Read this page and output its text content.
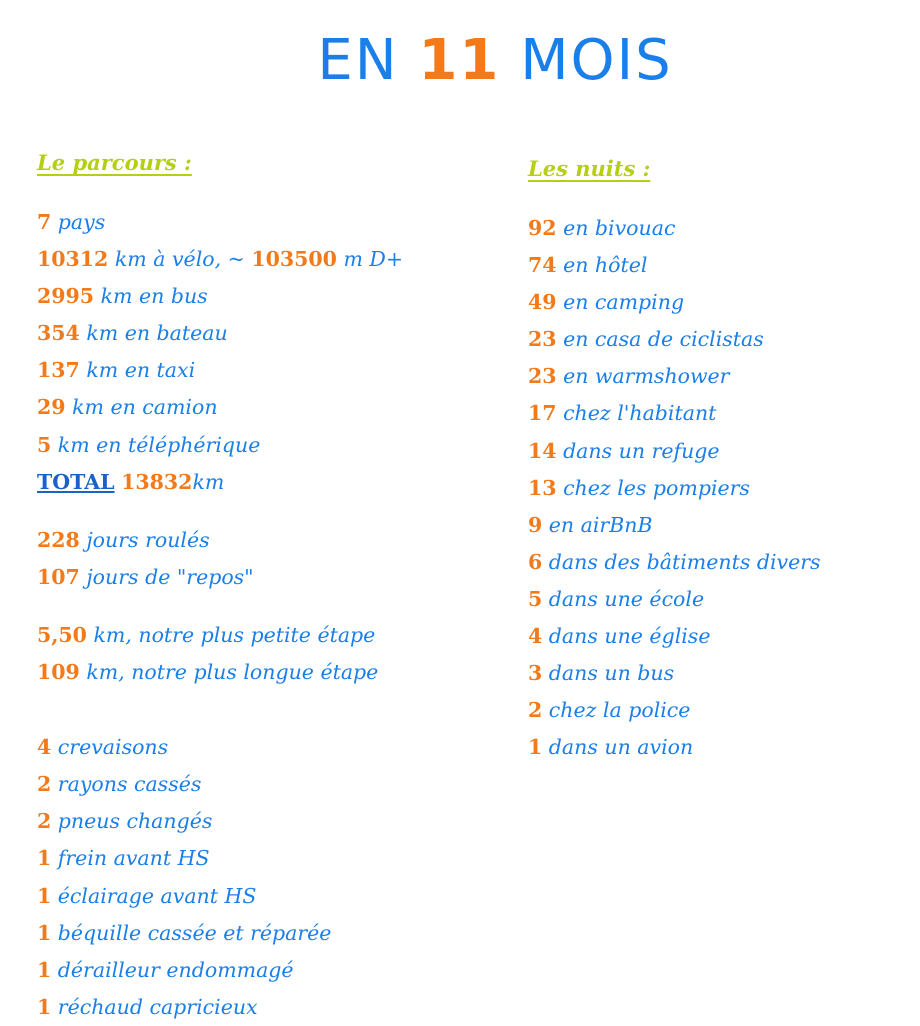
EN 11 MOIS
Le parcours :
7 pays
10312 km à vélo, ~ 103500 m D+
2995 km en bus
354 km en bateau
137 km en taxi
29 km en camion
5 km en téléphérique
TOTAL 13832km
228 jours roulés
107 jours de "repos"
5,50 km, notre plus petite étape
109 km, notre plus longue étape
4 crevaisons
2 rayons cassés
2 pneus changés
1 frein avant HS
1 éclairage avant HS
1 béquille cassée et réparée
1 dérailleur endommagé
1 réchaud capricieux
Les nuits :
92 en bivouac
74 en hôtel
49 en camping
23 en casa de ciclistas
23 en warmshower
17 chez l'habitant
14 dans un refuge
13 chez les pompiers
9 en airBnB
6 dans des bâtiments divers
5 dans une école
4 dans une église
3 dans un bus
2 chez la police
1 dans un avion
